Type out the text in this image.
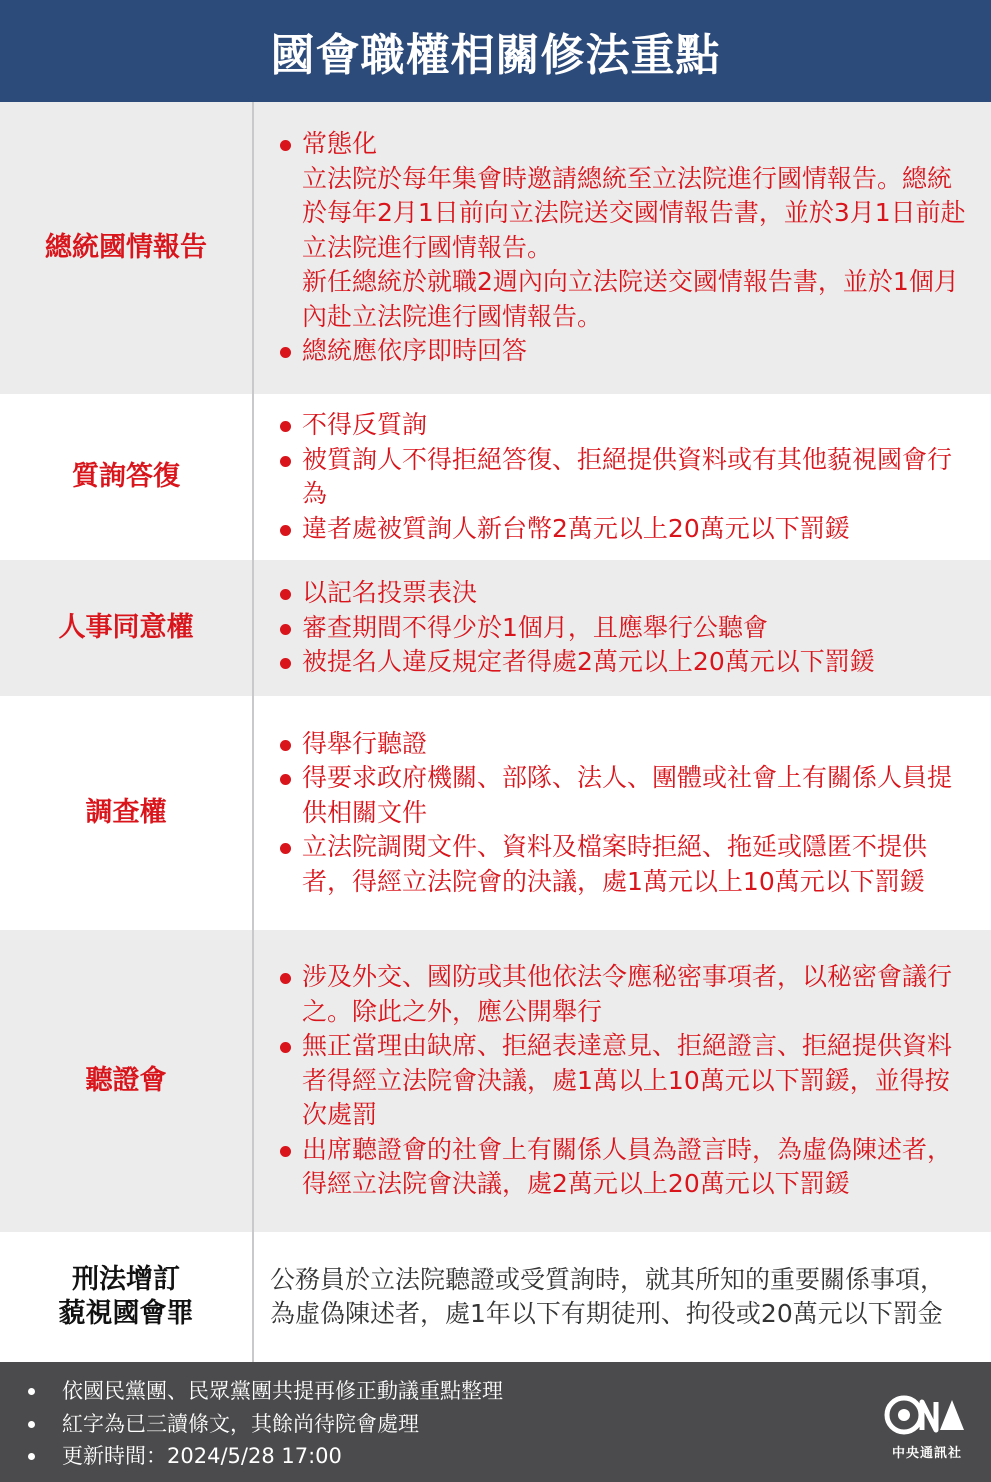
國會職權相關修法重點
總統國情報告
常態化
立法院於每年集會時邀請總統至立法院進行國情報告。總統於每年2月1日前向立法院送交國情報告書，並於3月1日前赴立法院進行國情報告。
新任總統於就職2週內向立法院送交國情報告書，並於1個月內赴立法院進行國情報告。
總統應依序即時回答
質詢答復
不得反質詢
被質詢人不得拒絕答復、拒絕提供資料或有其他藐視國會行為
違者處被質詢人新台幣2萬元以上20萬元以下罰鍰
人事同意權
以記名投票表決
審查期間不得少於1個月，且應舉行公聽會
被提名人違反規定者得處2萬元以上20萬元以下罰鍰
調查權
得舉行聽證
得要求政府機關、部隊、法人、團體或社會上有關係人員提供相關文件
立法院調閱文件、資料及檔案時拒絕、拖延或隱匿不提供者，得經立法院會的決議，處1萬元以上10萬元以下罰鍰
聽證會
涉及外交、國防或其他依法令應秘密事項者，以秘密會議行之。除此之外，應公開舉行
無正當理由缺席、拒絕表達意見、拒絕證言、拒絕提供資料者得經立法院會決議，處1萬以上10萬元以下罰鍰，並得按次處罰
出席聽證會的社會上有關係人員為證言時，為虛偽陳述者，得經立法院會決議，處2萬元以上20萬元以下罰鍰
刑法增訂
藐視國會罪
公務員於立法院聽證或受質詢時，就其所知的重要關係事項，為虛偽陳述者，處1年以下有期徒刑、拘役或20萬元以下罰金
依國民黨團、民眾黨團共提再修正動議重點整理
紅字為已三讀條文，其餘尚待院會處理
更新時間：2024/5/28 17:00	中央通訊社
